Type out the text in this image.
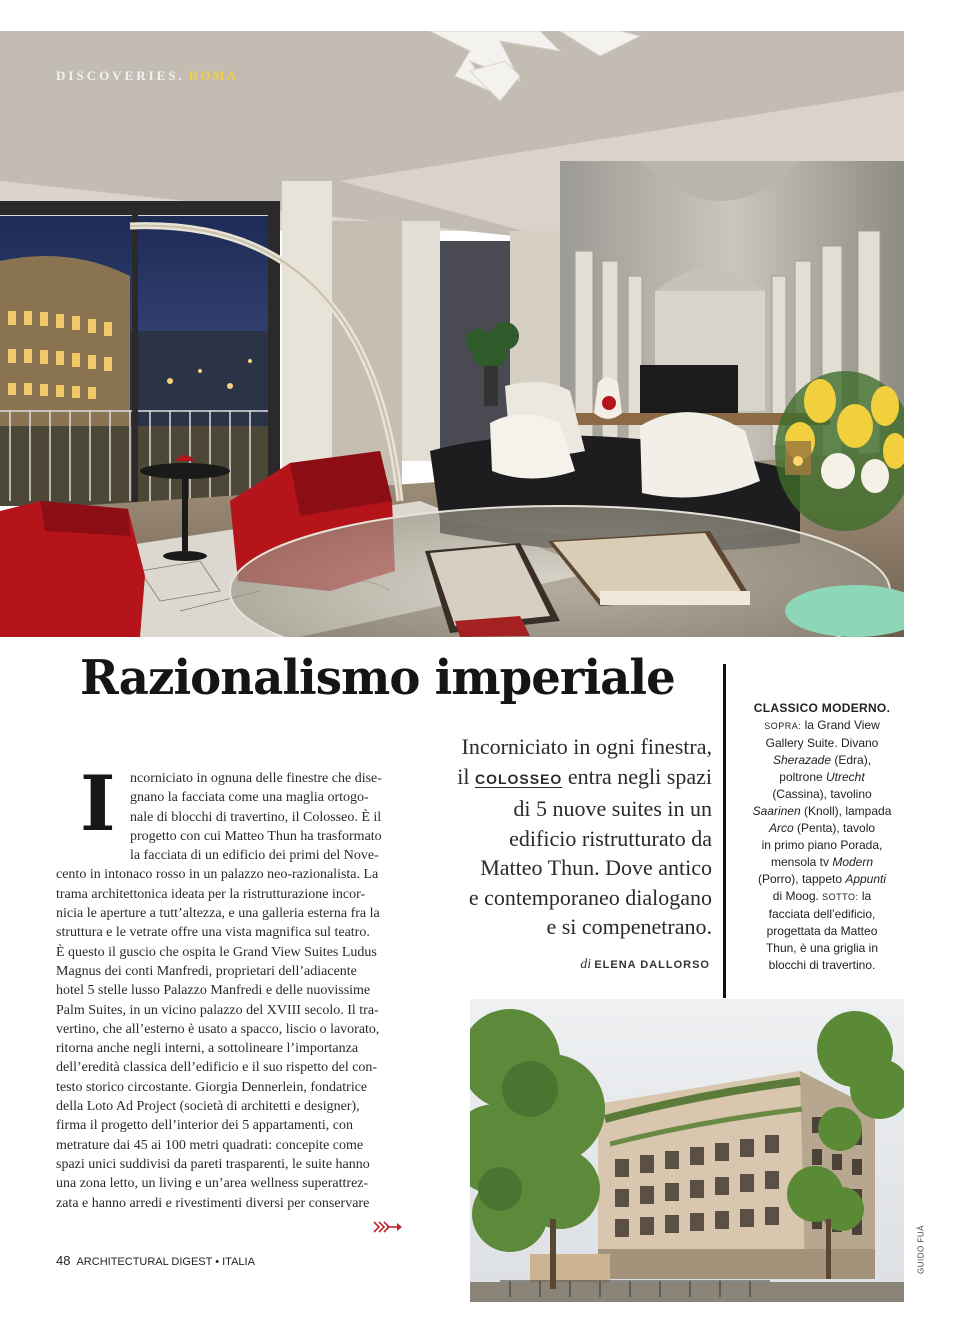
DISCOVERIES. ROMA
Razionalismo imperiale
Incorniciato in ogni finestra,
il COLOSSEO entra negli spazi
di 5 nuove suites in un
edificio ristrutturato da
Matteo Thun. Dove antico
e contemporaneo dialogano
e si compenetrano.
di ELENA DALLORSO
CLASSICO MODERNO.
SOPRA: la Grand View
Gallery Suite. Divano
Sherazade (Edra),
poltrone Utrecht
(Cassina), tavolino
Saarinen (Knoll), lampada
Arco (Penta), tavolo
in primo piano Porada,
mensola tv Modern
(Porro), tappeto Appunti
di Moog. SOTTO: la
facciata dell’edificio,
progettata da Matteo
Thun, è una griglia in
blocchi di travertino.
I	ncorniciato in ognuna delle finestre che dise-
gnano la facciata come una maglia ortogo-
nale di blocchi di travertino, il Colosseo. È il
progetto con cui Matteo Thun ha trasformato
la facciata di un edificio dei primi del Nove-
cento in intonaco rosso in un palazzo neo-razionalista. La
trama architettonica ideata per la ristrutturazione incor-
nicia le aperture a tutt’altezza, e una galleria esterna fra la
struttura e le vetrate offre una vista magnifica sul teatro.
È questo il guscio che ospita le Grand View Suites Ludus
Magnus dei conti Manfredi, proprietari dell’adiacente
hotel 5 stelle lusso Palazzo Manfredi e delle nuovissime
Palm Suites, in un vicino palazzo del XVIII secolo. Il tra-
vertino, che all’esterno è usato a spacco, liscio o lavorato,
ritorna anche negli interni, a sottolineare l’importanza
dell’eredità classica dell’edificio e il suo rispetto del con-
testo storico circostante. Giorgia Dennerlein, fondatrice
della Loto Ad Project (società di architetti e designer),
firma il progetto dell’interior dei 5 appartamenti, con
metrature dai 45 ai 100 metri quadrati: concepite come
spazi unici suddivisi da pareti trasparenti, le suite hanno
una zona letto, un living e un’area wellness superattrez-
zata e hanno arredi e rivestimenti diversi per conservare
48 ARCHITECTURAL DIGEST • ITALIA	GUIDO FUÀ
